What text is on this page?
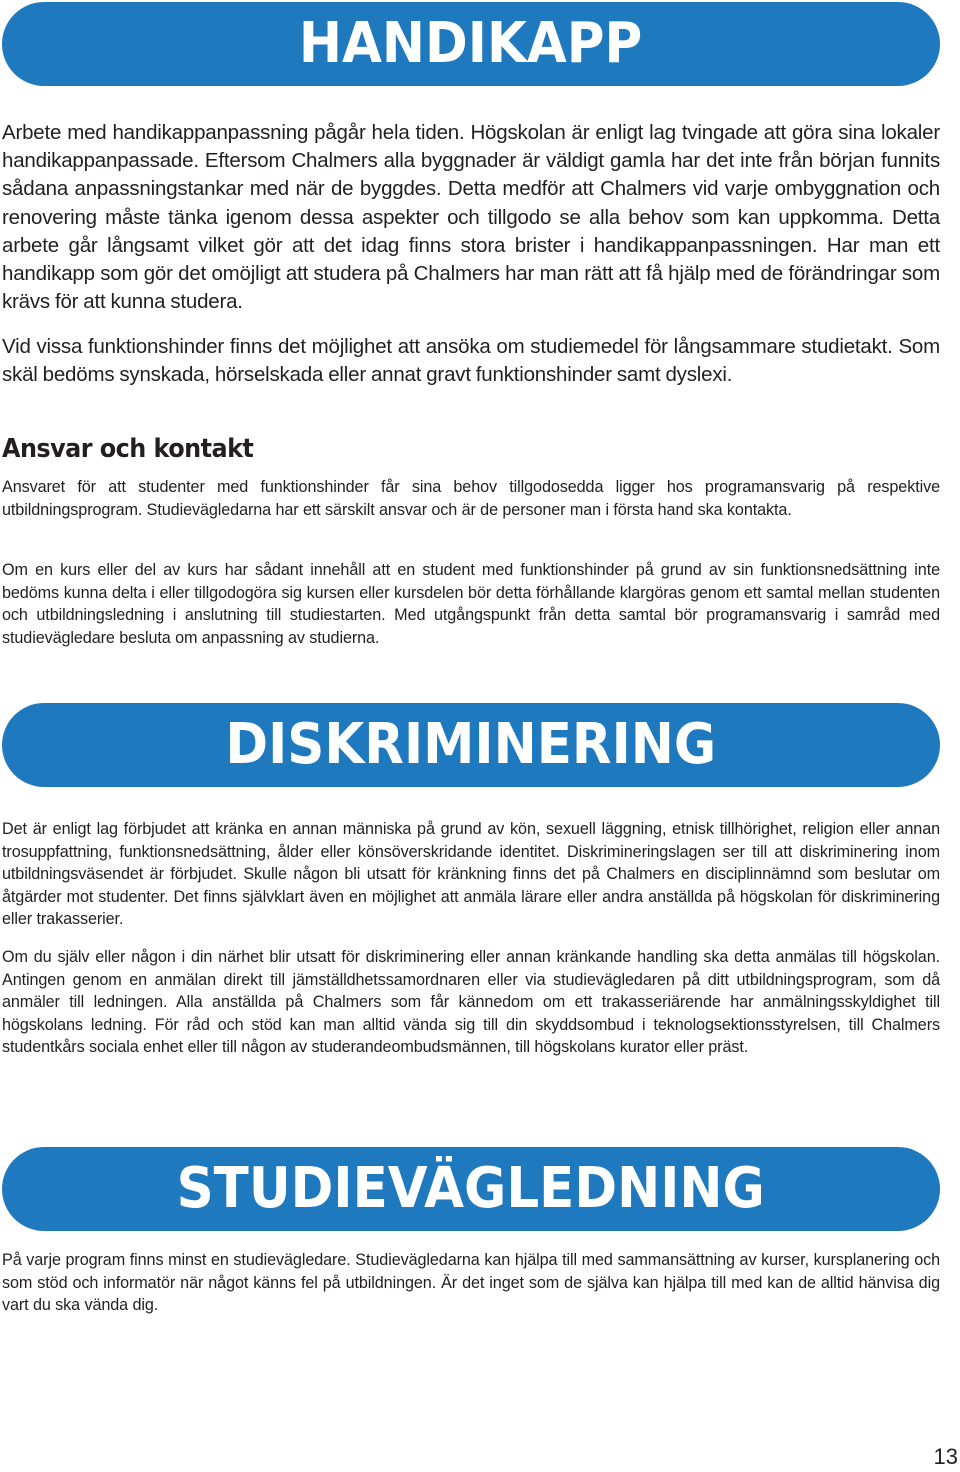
HANDIKAPP

Arbete med handikappanpassning pågår hela tiden. Högskolan är enligt lag tvingade att göra sina lokaler handikappanpassade. Eftersom Chalmers alla byggnader är väldigt gamla har det inte från början funnits sådana anpassningstankar med när de byggdes. Detta medför att Chalmers vid varje ombyggnation och renovering måste tänka igenom dessa aspekter och tillgodo se alla behov som kan uppkomma. Detta arbete går långsamt vilket gör att det idag finns stora brister i handikappanpassningen. Har man ett handikapp som gör det omöjligt att studera på Chalmers har man rätt att få hjälp med de förändringar som krävs för att kunna studera.

Vid vissa funktionshinder finns det möjlighet att ansöka om studiemedel för långsammare studietakt. Som skäl bedöms synskada, hörselskada eller annat gravt funktionshinder samt dyslexi.

Ansvar och kontakt

Ansvaret för att studenter med funktionshinder får sina behov tillgodosedda ligger hos programansvarig på respektive utbildningsprogram. Studievägledarna har ett särskilt ansvar och är de personer man i första hand ska kontakta.

Om en kurs eller del av kurs har sådant innehåll att en student med funktionshinder på grund av sin funktionsnedsättning inte bedöms kunna delta i eller tillgodogöra sig kursen eller kursdelen bör detta förhållande klargöras genom ett samtal mellan studenten och utbildningsledning i anslutning till studiestarten. Med utgångspunkt från detta samtal bör programansvarig i samråd med studievägledare besluta om anpassning av studierna.

DISKRIMINERING

Det är enligt lag förbjudet att kränka en annan människa på grund av kön, sexuell läggning, etnisk tillhörighet, religion eller annan trosuppfattning, funktionsnedsättning, ålder eller könsöverskridande identitet. Diskrimineringslagen ser till att diskriminering inom utbildningsväsendet är förbjudet. Skulle någon bli utsatt för kränkning finns det på Chalmers en disciplinnämnd som beslutar om åtgärder mot studenter. Det finns självklart även en möjlighet att anmäla lärare eller andra anställda på högskolan för diskriminering eller trakasserier.

Om du själv eller någon i din närhet blir utsatt för diskriminering eller annan kränkande handling ska detta anmälas till högskolan. Antingen genom en anmälan direkt till jämställdhetssamordnaren eller via studievägledaren på ditt utbildningsprogram, som då anmäler till ledningen. Alla anställda på Chalmers som får kännedom om ett trakasseriärende har anmälningsskyldighet till högskolans ledning. För råd och stöd kan man alltid vända sig till din skyddsombud i teknologsektionsstyrelsen, till Chalmers studentkårs sociala enhet eller till någon av studerandeombudsmännen, till högskolans kurator eller präst.

STUDIEVÄGLEDNING

På varje program finns minst en studievägledare. Studievägledarna kan hjälpa till med sammansättning av kurser, kursplanering och som stöd och informatör när något känns fel på utbildningen. Är det inget som de själva kan hjälpa till med kan de alltid hänvisa dig vart du ska vända dig.

13
